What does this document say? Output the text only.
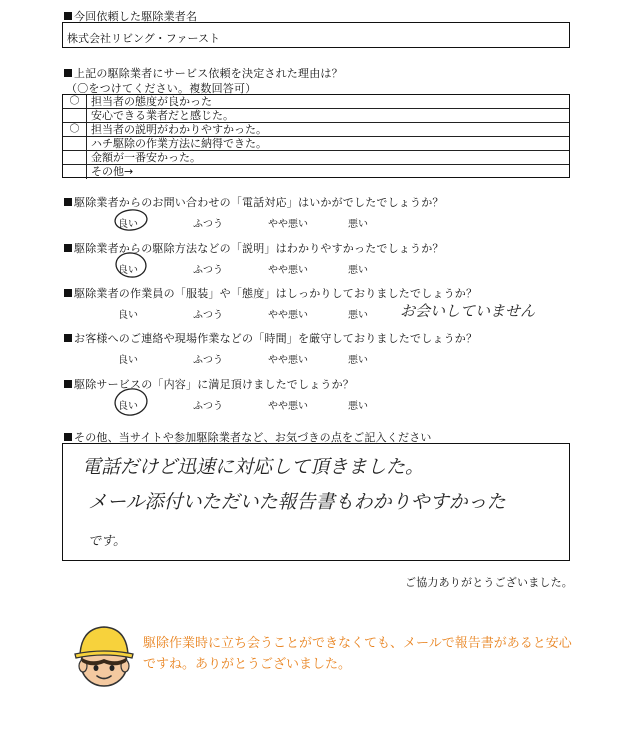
今回依頼した駆除業者名
株式会社リビング・ファースト
上記の駆除業者にサービス依頼を決定された理由は？
（〇をつけてください。複数回答可）
〇	担当者の態度が良かった
安心できる業者だと感じた。
〇	担当者の説明がわかりやすかった。
ハチ駆除の作業方法に納得できた。
金額が一番安かった。
その他→
駆除業者からのお問い合わせの「電話対応」はいかがでしたでしょうか？
良い	ふつう	やや悪い	悪い
駆除業者からの駆除方法などの「説明」はわかりやすかったでしょうか？
良い	ふつう	やや悪い	悪い
駆除業者の作業員の「服装」や「態度」はしっかりしておりましたでしょうか？
良い	ふつう	やや悪い	悪い お会いしていません
お客様へのご連絡や現場作業などの「時間」を厳守しておりましたでしょうか？
良い	ふつう	やや悪い	悪い
駆除サービスの「内容」に満足頂けましたでしょうか？
良い	ふつう	やや悪い	悪い
その他、当サイトや参加駆除業者など、お気づきの点をご記入ください
電話だけど迅速に対応して頂きました。
メール添付いただいた報告書もわかりやすかった
です。
ご協力ありがとうございました。
駆除作業時に立ち会うことができなくても、メールで報告書があると安心ですね。ありがとうございました。
